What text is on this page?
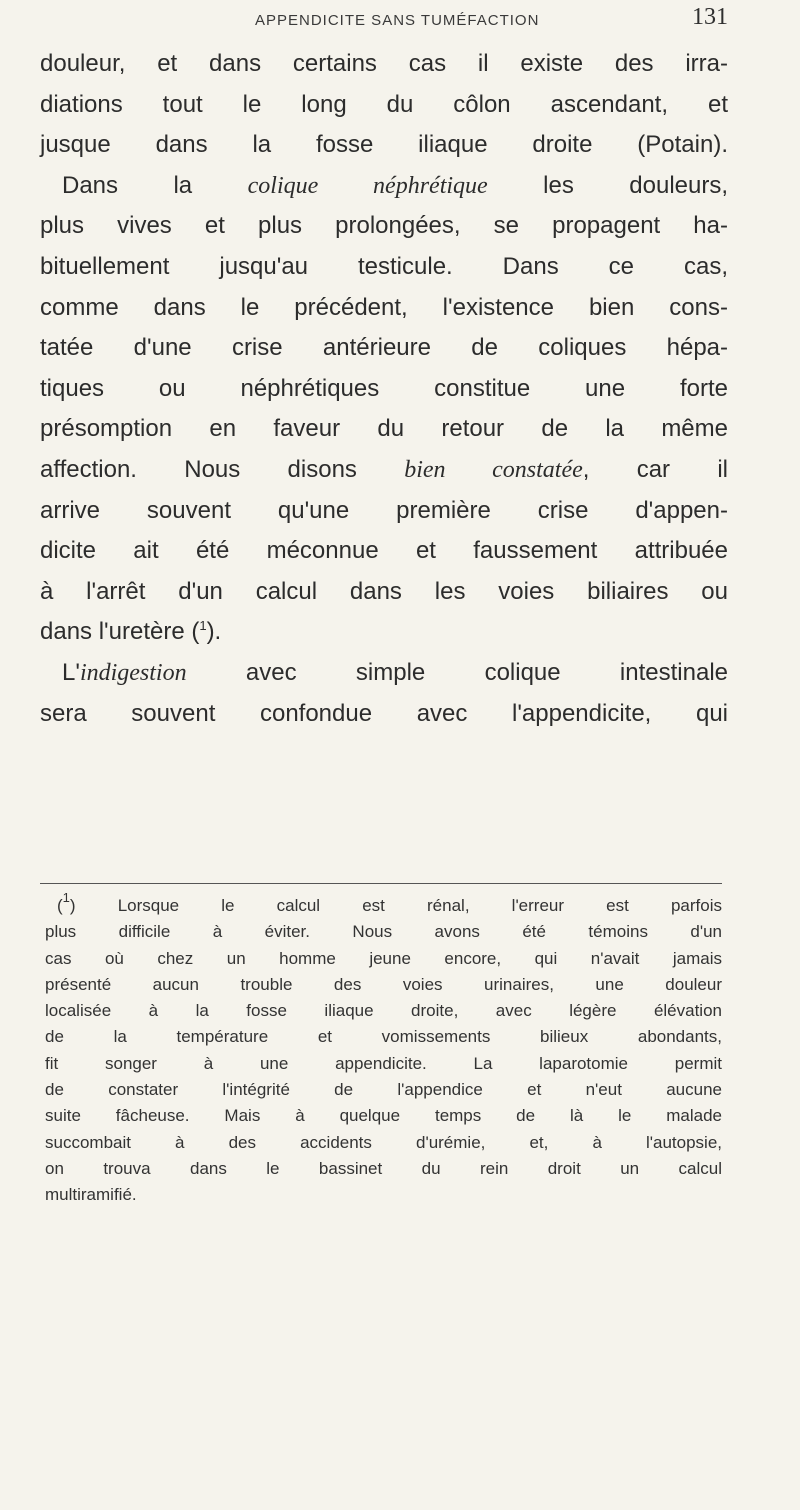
APPENDICITE SANS TUMÉFACTION	131
douleur, et dans certains cas il existe des irra-
diations tout le long du côlon ascendant, et
jusque dans la fosse iliaque droite (Potain).
Dans la colique néphrétique les douleurs,
plus vives et plus prolongées, se propagent ha-
bituellement jusqu'au testicule. Dans ce cas,
comme dans le précédent, l'existence bien cons-
tatée d'une crise antérieure de coliques hépa-
tiques ou néphrétiques constitue une forte
présomption en faveur du retour de la même
affection. Nous disons bien constatée, car il
arrive souvent qu'une première crise d'appen-
dicite ait été méconnue et faussement attribuée
à l'arrêt d'un calcul dans les voies biliaires ou
dans l'uretère ($^1$).
L'indigestion avec simple colique intestinale
sera souvent confondue avec l'appendicite, qui
($^1$) Lorsque le calcul est rénal, l'erreur est parfois
plus difficile à éviter. Nous avons été témoins d'un
cas où chez un homme jeune encore, qui n'avait jamais
présenté aucun trouble des voies urinaires, une douleur
localisée à la fosse iliaque droite, avec légère élévation
de la température et vomissements bilieux abondants,
fit songer à une appendicite. La laparotomie permit
de constater l'intégrité de l'appendice et n'eut aucune
suite fâcheuse. Mais à quelque temps de là le malade
succombait à des accidents d'urémie, et, à l'autopsie,
on trouva dans le bassinet du rein droit un calcul
multiramifié.
